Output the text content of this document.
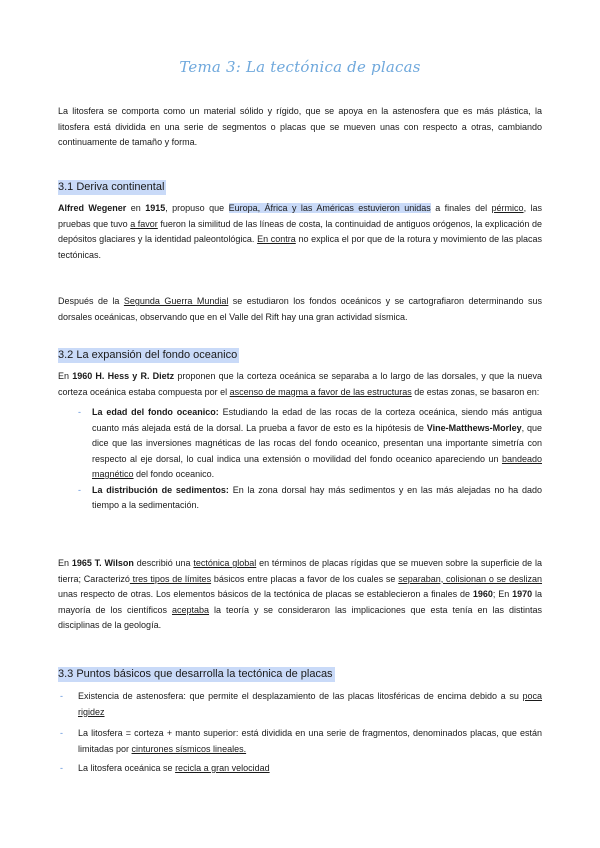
Tema 3: La tectónica de placas
La litosfera se comporta como un material sólido y rígido, que se apoya en la astenosfera que es más plástica, la litosfera está dividida en una serie de segmentos o placas que se mueven unas con respecto a otras, cambiando continuamente de tamaño y forma.
3.1 Deriva continental
Alfred Wegener en 1915, propuso que Europa, África y las Américas estuvieron unidas a finales del pérmico, las pruebas que tuvo a favor fueron la similitud de las líneas de costa, la continuidad de antiguos orógenos, la explicación de depósitos glaciares y la identidad paleontológica. En contra no explica el por que de la rotura y movimiento de las placas tectónicas.
Después de la Segunda Guerra Mundial se estudiaron los fondos oceánicos y se cartografiaron determinando sus dorsales oceánicas, observando que en el Valle del Rift hay una gran actividad sísmica.
3.2 La expansión del fondo oceanico
En 1960 H. Hess y R. Dietz proponen que la corteza oceánica se separaba a lo largo de las dorsales, y que la nueva corteza oceánica estaba compuesta por el ascenso de magma a favor de las estructuras de estas zonas, se basaron en:
- La edad del fondo oceanico: Estudiando la edad de las rocas de la corteza oceánica, siendo más antigua cuanto más alejada está de la dorsal. La prueba a favor de esto es la hipótesis de Vine-Matthews-Morley, que dice que las inversiones magnéticas de las rocas del fondo oceanico, presentan una importante simetría con respecto al eje dorsal, lo cual indica una extensión o movilidad del fondo oceanico apareciendo un bandeado magnético del fondo oceanico.
- La distribución de sedimentos: En la zona dorsal hay más sedimentos y en las más alejadas no ha dado tiempo a la sedimentación.
En 1965 T. Wilson describió una tectónica global en términos de placas rígidas que se mueven sobre la superficie de la tierra; Caracterizó tres tipos de límites básicos entre placas a favor de los cuales se separaban, colisionan o se deslizan unas respecto de otras. Los elementos básicos de la tectónica de placas se establecieron a finales de 1960; En 1970 la mayoría de los científicos aceptaba la teoría y se consideraron las implicaciones que esta tenía en las distintas disciplinas de la geología.
3.3 Puntos básicos que desarrolla la tectónica de placas
- Existencia de astenosfera: que permite el desplazamiento de las placas litosféricas de encima debido a su poca rigidez
- La litosfera = corteza + manto superior: está dividida en una serie de fragmentos, denominados placas, que están limitadas por cinturones sísmicos lineales.
- La litosfera oceánica se recicla a gran velocidad
